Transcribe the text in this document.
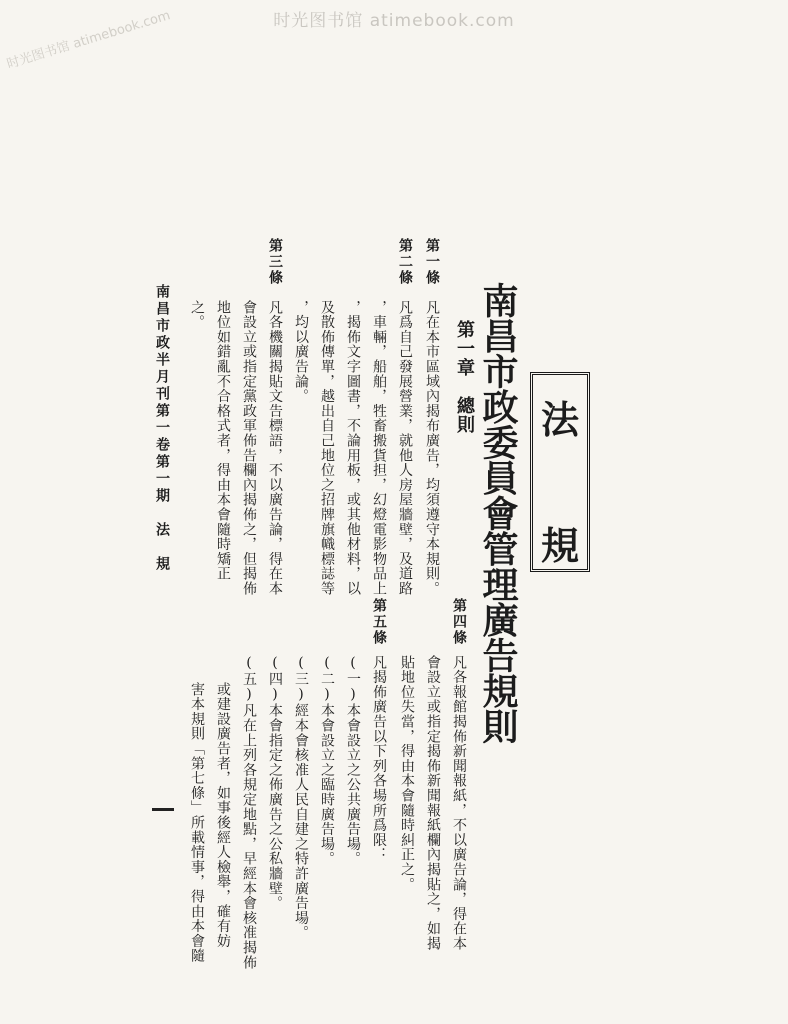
时光图书馆 atimebook.com
时光图书馆 atimebook.com
法
規
南昌市政委員會管理廣告規則
第一章　總則
第一條
凡在本市區域內揭布廣告，均須遵守本規則。
第二條
凡爲自己發展營業，就他人房屋牆壁，及道路
，車輛，船舶，牲畜搬貨担，幻燈電影物品上
，揭佈文字圖書，不論用板，或其他材料，以
及散佈傳單，越出自己地位之招牌旗幟標誌等
，均以廣告論。
第三條
凡各機關揭貼文告標語，不以廣告論，得在本
會設立或指定黨政軍佈告欄內揭佈之，但揭佈
地位如錯亂不合格式者，得由本會隨時矯正
之。
南昌市政半月刊第一卷第一期　法　規
第四條
凡各報館揭佈新聞報紙，不以廣告論，得在本
會設立或指定揭佈新聞報紙欄內揭貼之，如揭
貼地位失當，得由本會隨時糾正之。
第五條
凡揭佈廣告以下列各場所爲限：
(一)本會設立之公共廣告場。
(二)本會設立之臨時廣告場。
(三)經本會核准人民自建之特許廣告場。
(四)本會指定之佈廣告之公私牆壁。
(五)凡在上列各規定地點，早經本會核准揭佈
或建設廣告者，如事後經人檢舉，確有妨
害本規則「第七條」所載情事，得由本會隨
